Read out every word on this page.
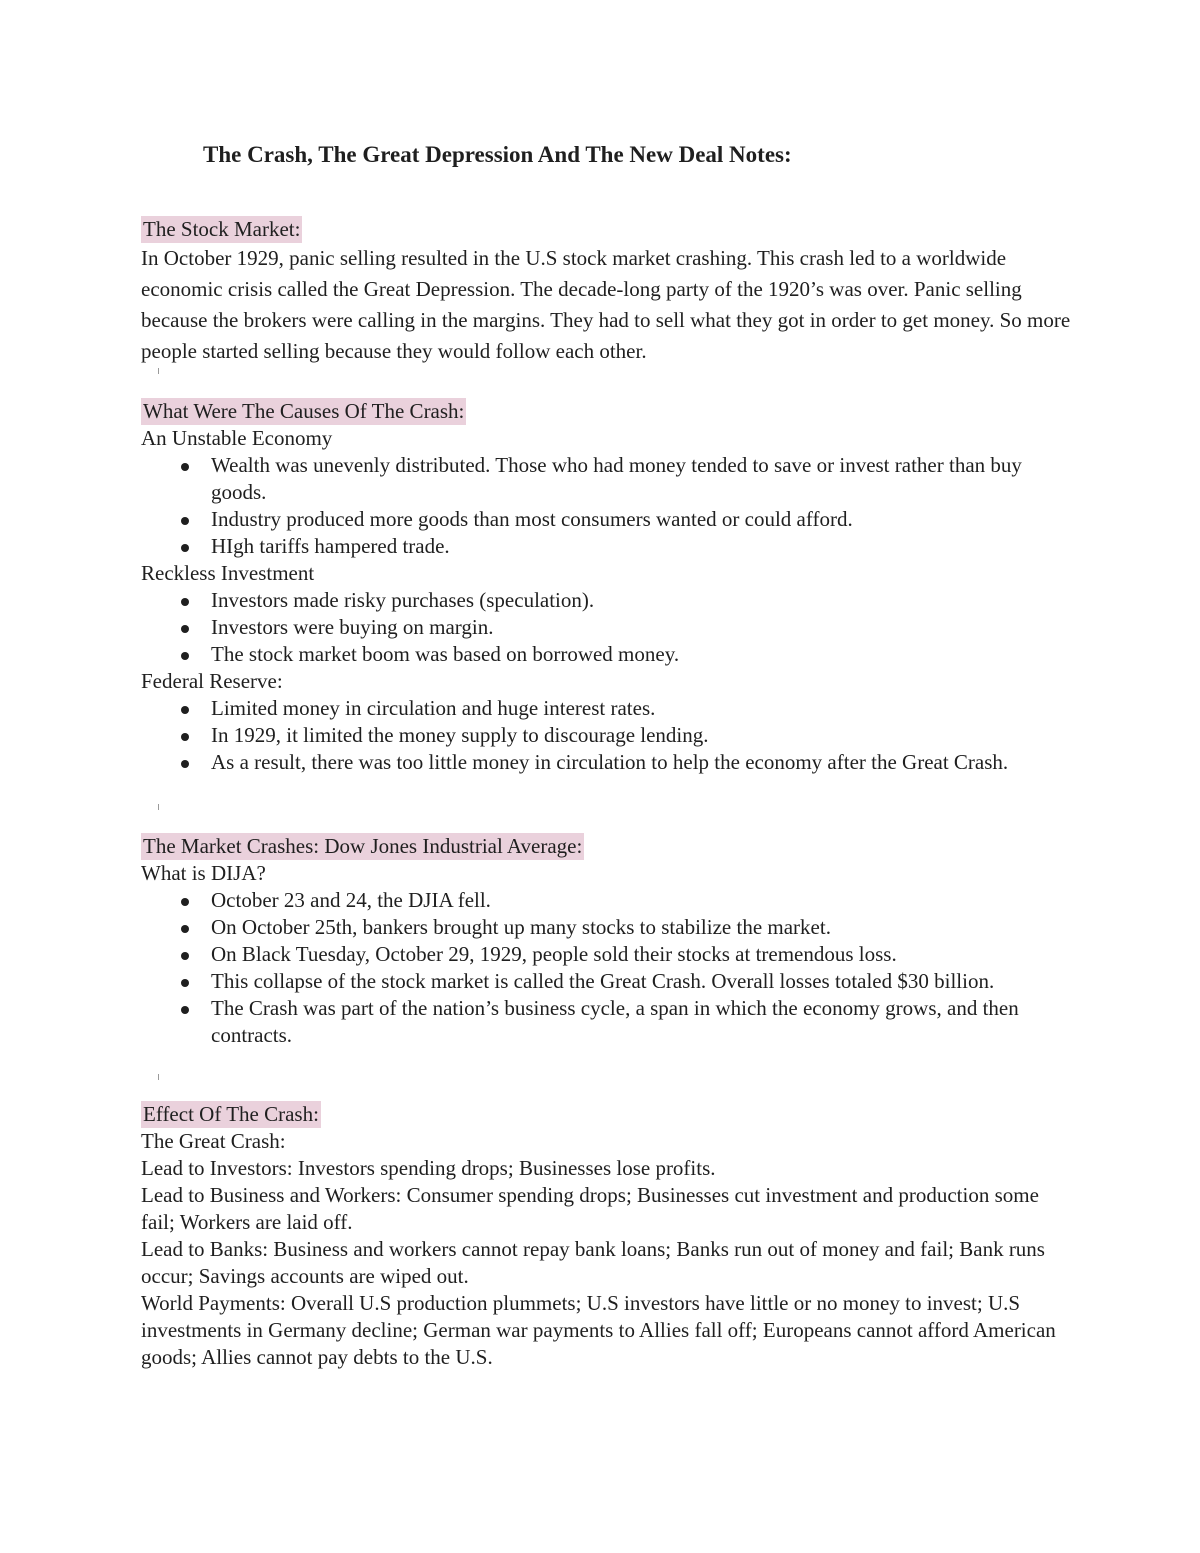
The Crash, The Great Depression And The New Deal Notes:
The Stock Market:

In October 1929, panic selling resulted in the U.S stock market crashing. This crash led to a worldwide economic crisis called the Great Depression. The decade-long party of the 1920’s was over. Panic selling because the brokers were calling in the margins. They had to sell what they got in order to get money. So more people started selling because they would follow each other.

What Were The Causes Of The Crash:
An Unstable Economy
Wealth was unevenly distributed. Those who had money tended to save or invest rather than buy goods.
Industry produced more goods than most consumers wanted or could afford.
HIgh tariffs hampered trade.
Reckless Investment
Investors made risky purchases (speculation).
Investors were buying on margin.
The stock market boom was based on borrowed money.
Federal Reserve:
Limited money in circulation and huge interest rates.
In 1929, it limited the money supply to discourage lending.
As a result, there was too little money in circulation to help the economy after the Great Crash.
The Market Crashes: Dow Jones Industrial Average:
What is DIJA?
October 23 and 24, the DJIA fell.
On October 25th, bankers brought up many stocks to stabilize the market.
On Black Tuesday, October 29, 1929, people sold their stocks at tremendous loss.
This collapse of the stock market is called the Great Crash. Overall losses totaled $30 billion.
The Crash was part of the nation’s business cycle, a span in which the economy grows, and then contracts.
Effect Of The Crash:

The Great Crash:

Lead to Investors: Investors spending drops; Businesses lose profits.

Lead to Business and Workers: Consumer spending drops; Businesses cut investment and production some fail; Workers are laid off.

Lead to Banks: Business and workers cannot repay bank loans; Banks run out of money and fail; Bank runs occur; Savings accounts are wiped out.

World Payments: Overall U.S production plummets; U.S investors have little or no money to invest; U.S investments in Germany decline; German war payments to Allies fall off; Europeans cannot afford American goods; Allies cannot pay debts to the U.S.
